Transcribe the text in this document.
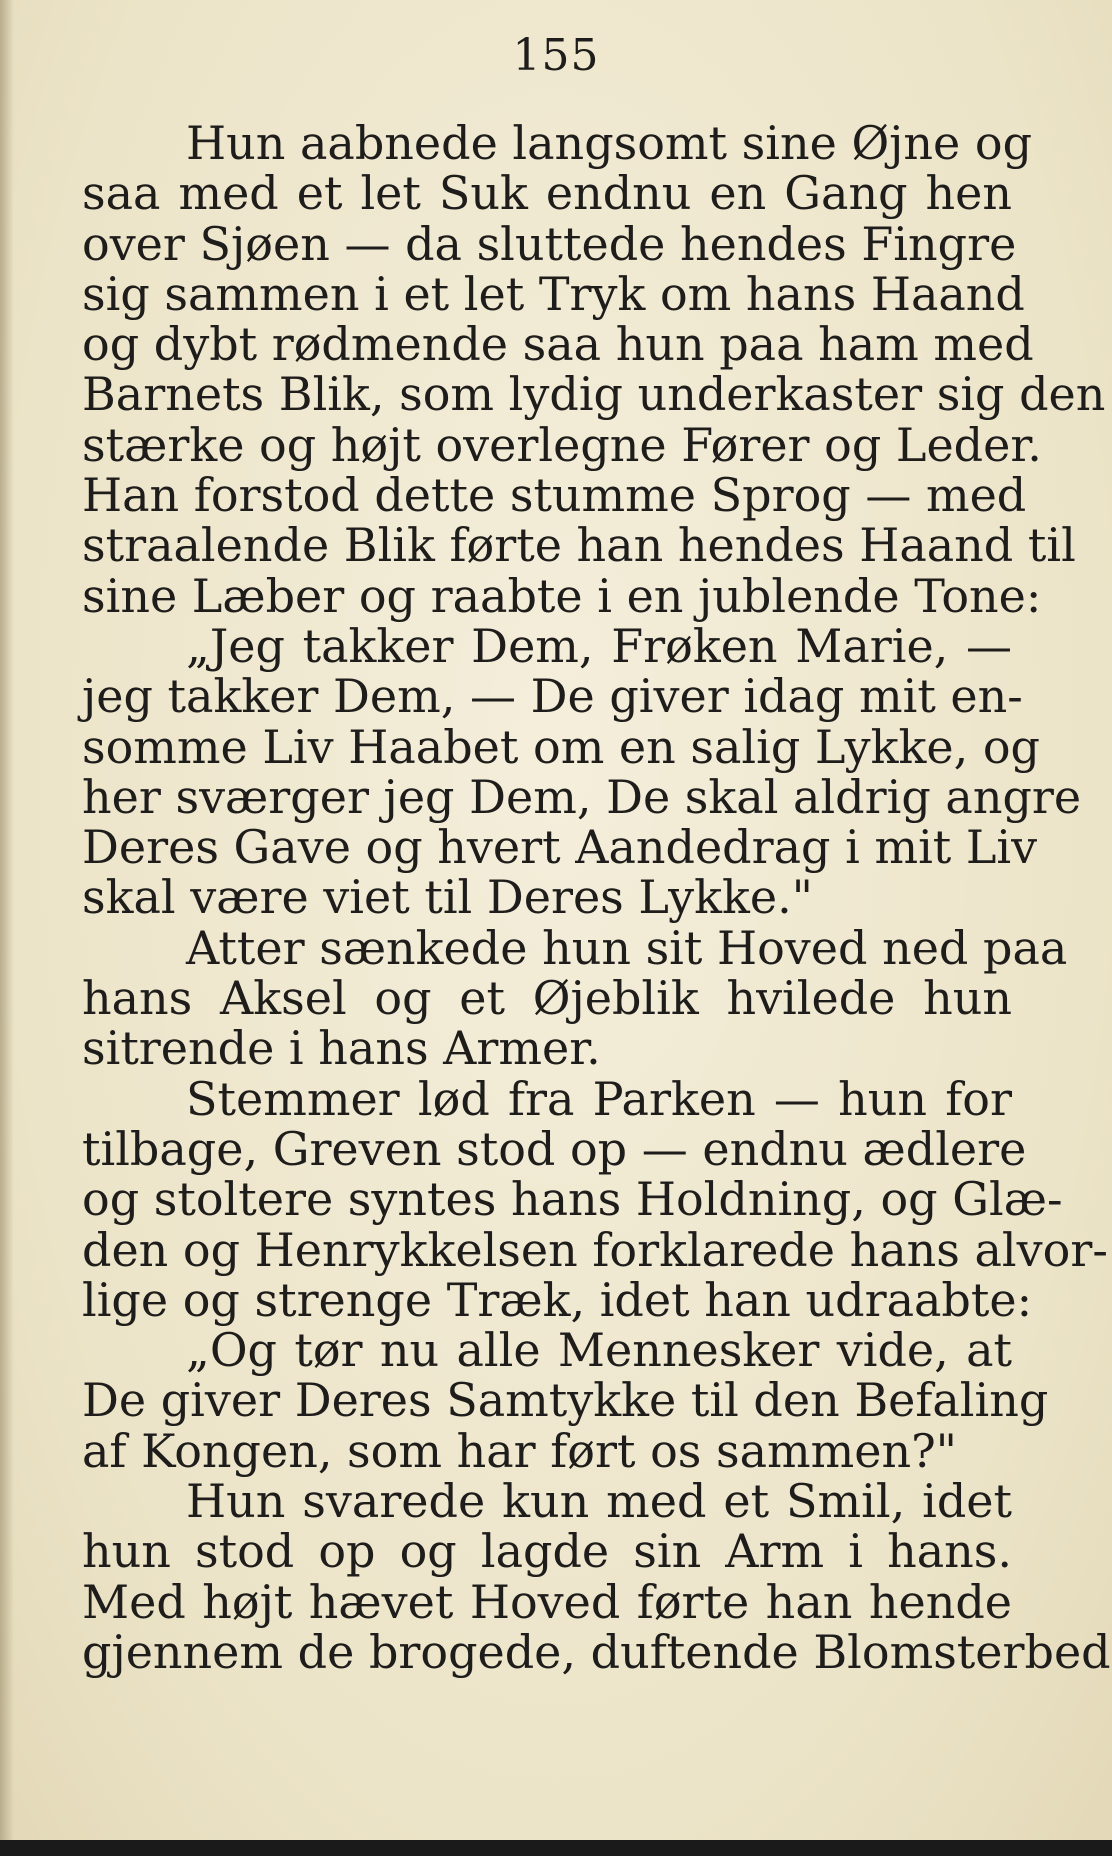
155
Hun aabnede langsomt sine Øjne og
saa med et let Suk endnu en Gang hen
over Sjøen — da sluttede hendes Fingre
sig sammen i et let Tryk om hans Haand
og dybt rødmende saa hun paa ham med
Barnets Blik, som lydig underkaster sig den
stærke og højt overlegne Fører og Leder.
Han forstod dette stumme Sprog — med
straalende Blik førte han hendes Haand til
sine Læber og raabte i en jublende Tone:
„Jeg takker Dem, Frøken Marie, —
jeg takker Dem, — De giver idag mit en-
somme Liv Haabet om en salig Lykke, og
her sværger jeg Dem, De skal aldrig angre
Deres Gave og hvert Aandedrag i mit Liv
skal være viet til Deres Lykke."
Atter sænkede hun sit Hoved ned paa
hans Aksel og et Øjeblik hvilede hun
sitrende i hans Armer.
Stemmer lød fra Parken — hun for
tilbage, Greven stod op — endnu ædlere
og stoltere syntes hans Holdning, og Glæ-
den og Henrykkelsen forklarede hans alvor-
lige og strenge Træk, idet han udraabte:
„Og tør nu alle Mennesker vide, at
De giver Deres Samtykke til den Befaling
af Kongen, som har ført os sammen?"
Hun svarede kun med et Smil, idet
hun stod op og lagde sin Arm i hans.
Med højt hævet Hoved førte han hende
gjennem de brogede, duftende Blomsterbed
